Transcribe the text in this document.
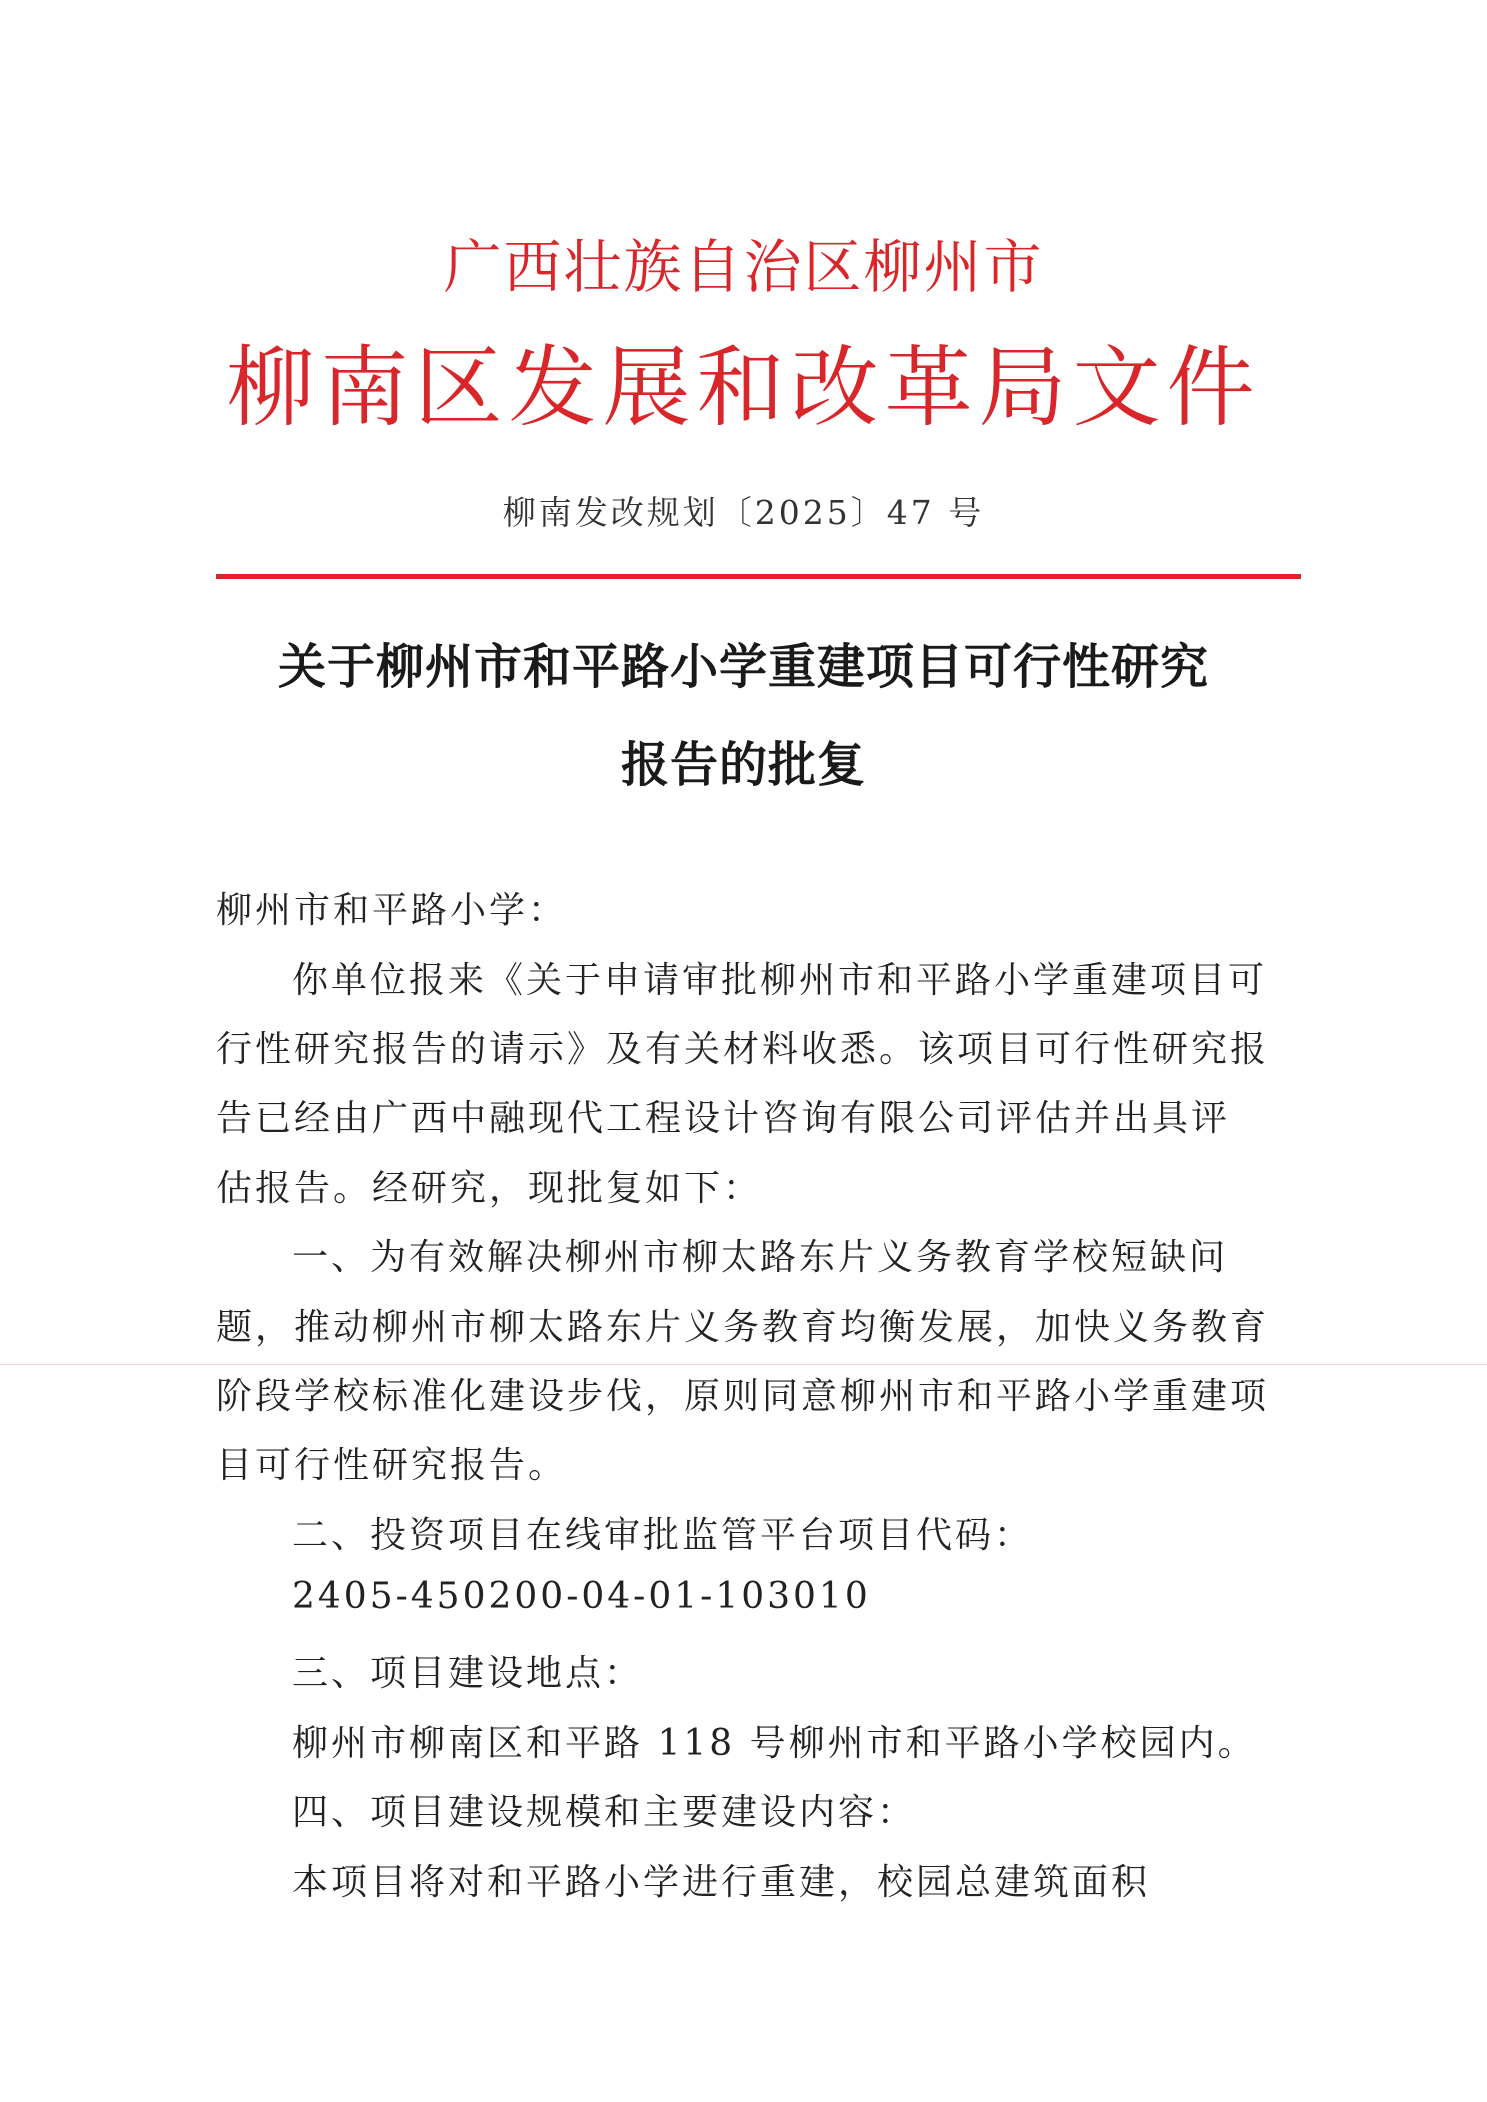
广西壮族自治区柳州市
柳南区发展和改革局文件
柳南发改规划〔2025〕47 号
关于柳州市和平路小学重建项目可行性研究
报告的批复
柳州市和平路小学：
你单位报来《关于申请审批柳州市和平路小学重建项目可
行性研究报告的请示》及有关材料收悉。该项目可行性研究报
告已经由广西中融现代工程设计咨询有限公司评估并出具评
估报告。经研究，现批复如下：
一、为有效解决柳州市柳太路东片义务教育学校短缺问
题，推动柳州市柳太路东片义务教育均衡发展，加快义务教育
阶段学校标准化建设步伐，原则同意柳州市和平路小学重建项
目可行性研究报告。
二、投资项目在线审批监管平台项目代码：
2405-450200-04-01-103010
三、项目建设地点：
柳州市柳南区和平路 118 号柳州市和平路小学校园内。
四、项目建设规模和主要建设内容：
本项目将对和平路小学进行重建，校园总建筑面积
